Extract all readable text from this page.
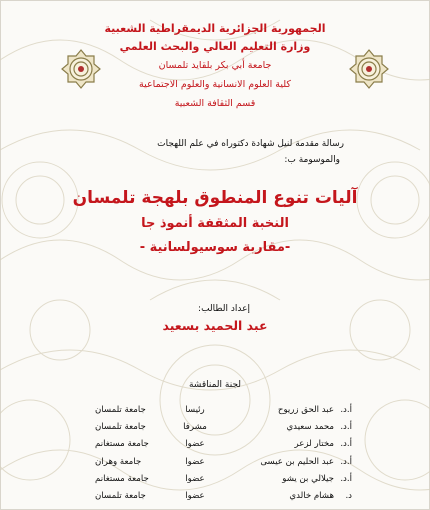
الجمهورية الجزائرية الديمقراطية الشعبية
وزارة التعليم العالي والبحث العلمي
جامعة أبي بكر بلقايد تلمسان
كلية العلوم الانسانية والعلوم الاجتماعية
قسم الثقافة الشعبية
رسالة مقدمة لنيل شهادة دكتوراه في علم اللهجات
والموسومة ب:
آليات تنوع المنطوق بلهجة تلمسان
النخبة المثقفة أنموذ جا
-مقاربة سوسيولسانية -
إعداد الطالب:
عبد الحميد بسعيد
لجنة المناقشة
أ.د.
عبد الحق زريوح
رئيسا
جامعة تلمسان
أ.د.
محمد سعيدي
مشرفا
جامعة تلمسان
أ.د.
مختار لزعر
عضوا
جامعة مستغانم
أ.د.
عبد الحليم بن عيسى
عضوا
جامعة وهران
أ.د.
جيلالي بن يشو
عضوا
جامعة مستغانم
د.
هشام خالدي
عضوا
جامعة تلمسان
